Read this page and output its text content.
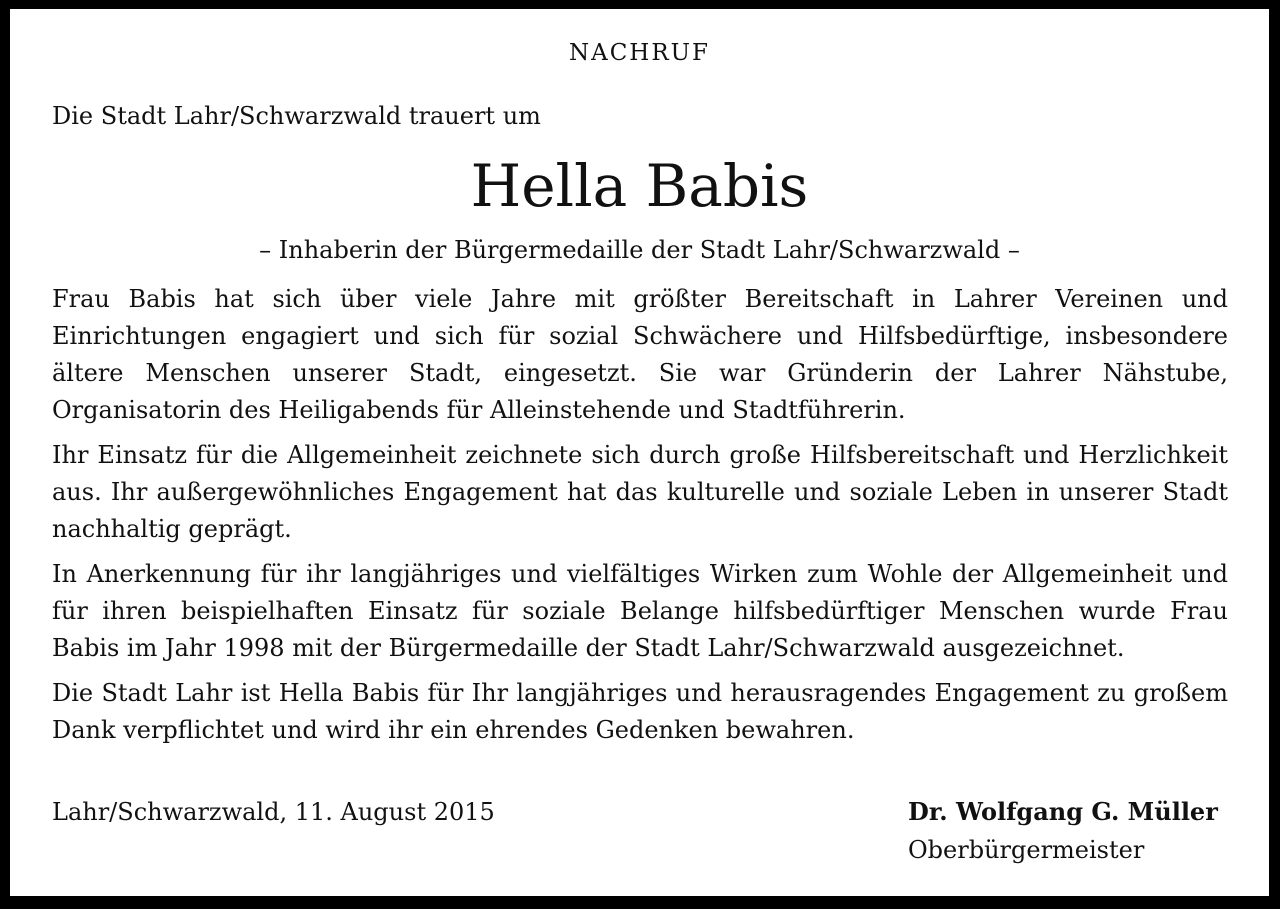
NACHRUF
Die Stadt Lahr/Schwarzwald trauert um
Hella Babis
– Inhaberin der Bürgermedaille der Stadt Lahr/Schwarzwald –

Frau Babis hat sich über viele Jahre mit größter Bereitschaft in Lahrer Vereinen und Einrichtungen engagiert und sich für sozial Schwächere und Hilfsbedürftige, insbesondere ältere Menschen unserer Stadt, eingesetzt. Sie war Gründerin der Lahrer Nähstube, Organisatorin des Heiligabends für Alleinstehende und Stadtführerin.

Ihr Einsatz für die Allgemeinheit zeichnete sich durch große Hilfsbereitschaft und Herzlichkeit aus. Ihr außergewöhnliches Engagement hat das kulturelle und soziale Leben in unserer Stadt nachhaltig geprägt.

In Anerkennung für ihr langjähriges und vielfältiges Wirken zum Wohle der Allgemeinheit und für ihren beispielhaften Einsatz für soziale Belange hilfsbedürftiger Menschen wurde Frau Babis im Jahr 1998 mit der Bürgermedaille der Stadt Lahr/Schwarzwald ausgezeichnet.

Die Stadt Lahr ist Hella Babis für Ihr langjähriges und herausragendes Engagement zu großem Dank verpflichtet und wird ihr ein ehrendes Gedenken bewahren.

Lahr/Schwarzwald, 11. August 2015	Dr. Wolfgang G. Müller
Oberbürgermeister
